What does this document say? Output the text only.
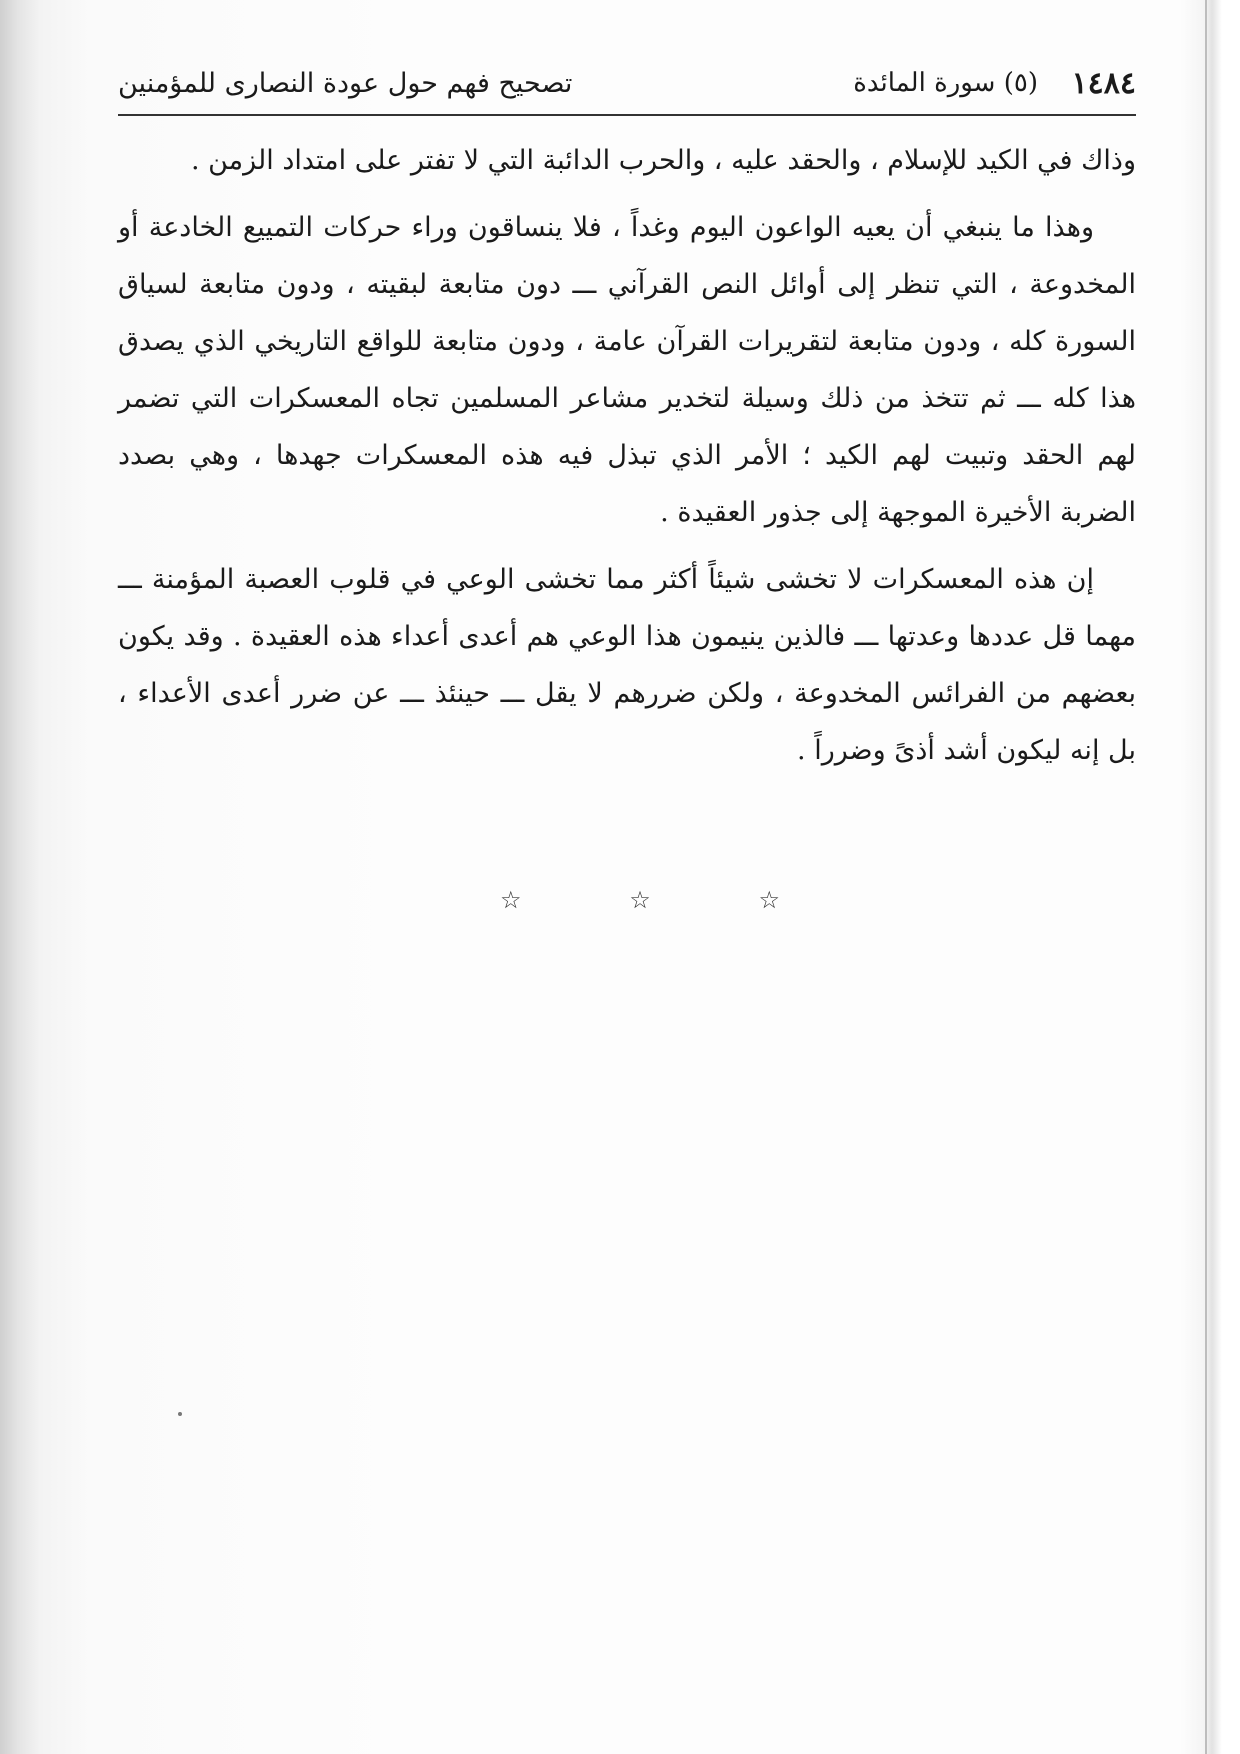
١٤٨٤
(٥) سورة المائدة
تصحيح فهم حول عودة النصارى للمؤمنين

وذاك في الكيد للإسلام ، والحقد عليه ، والحرب الدائبة التي لا تفتر على امتداد الزمن .

وهذا ما ينبغي أن يعيه الواعون اليوم وغداً ، فلا ينساقون وراء حركات التمييع الخادعة أو المخدوعة ، التي تنظر إلى أوائل النص القرآني ـــ دون متابعة لبقيته ، ودون متابعة لسياق السورة كله ، ودون متابعة لتقريرات القرآن عامة ، ودون متابعة للواقع التاريخي الذي يصدق هذا كله ـــ ثم تتخذ من ذلك وسيلة لتخدير مشاعر المسلمين تجاه المعسكرات التي تضمر لهم الحقد وتبيت لهم الكيد ؛ الأمر الذي تبذل فيه هذه المعسكرات جهدها ، وهي بصدد الضربة الأخيرة الموجهة إلى جذور العقيدة .

إن هذه المعسكرات لا تخشى شيئاً أكثر مما تخشى الوعي في قلوب العصبة المؤمنة ـــ مهما قل عددها وعدتها ـــ فالذين ينيمون هذا الوعي هم أعدى أعداء هذه العقيدة . وقد يكون بعضهم من الفرائس المخدوعة ، ولكن ضررهم لا يقل ـــ حينئذ ـــ عن ضرر أعدى الأعداء ، بل إنه ليكون أشد أذىً وضرراً .

☆	☆	☆
